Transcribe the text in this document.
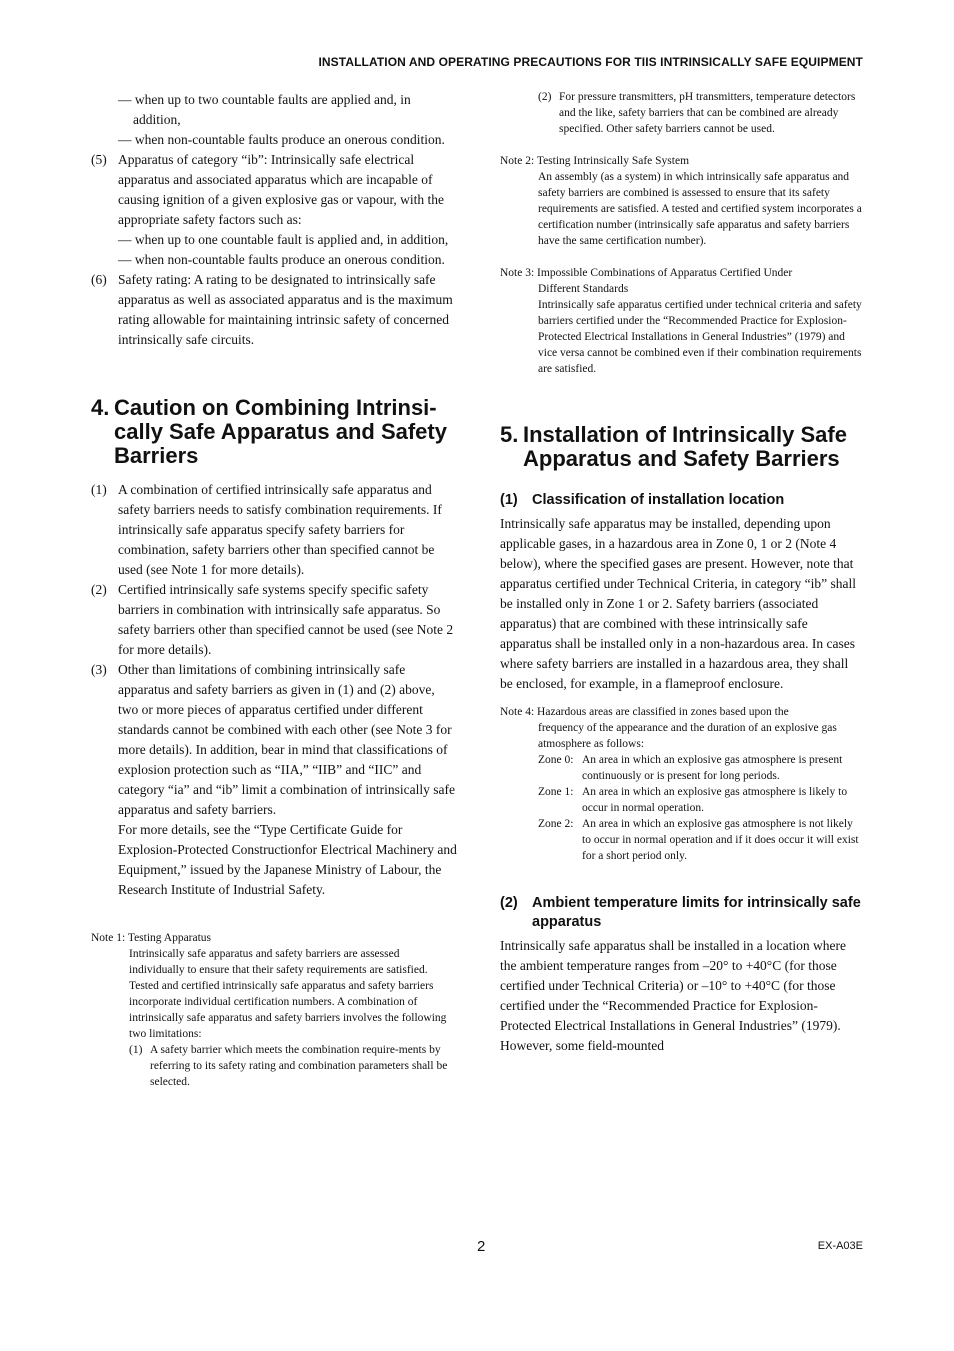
INSTALLATION AND OPERATING PRECAUTIONS FOR TIIS INTRINSICALLY SAFE EQUIPMENT

— when up to two countable faults are applied and, in addition,

— when non-countable faults produce an onerous condition.

(5) Apparatus of category “ib”: Intrinsically safe electrical apparatus and associated apparatus which are incapable of causing ignition of a given explosive gas or vapour, with the appropriate safety factors such as:

— when up to one countable fault is applied and, in addition,

— when non-countable faults produce an onerous condition.

(6) Safety rating: A rating to be designated to intrinsically safe apparatus as well as associated apparatus and is the maximum rating allowable for maintaining intrinsic safety of concerned intrinsically safe circuits.
4. Caution on Combining Intrinsi-cally Safe Apparatus and Safety Barriers
(1) A combination of certified intrinsically safe apparatus and safety barriers needs to satisfy combination requirements. If intrinsically safe apparatus specify safety barriers for combination, safety barriers other than specified cannot be used (see Note 1 for more details).
(2) Certified intrinsically safe systems specify specific safety barriers in combination with intrinsically safe apparatus. So safety barriers other than specified cannot be used (see Note 2 for more details).
(3) Other than limitations of combining intrinsically safe apparatus and safety barriers as given in (1) and (2) above, two or more pieces of apparatus certified under different standards cannot be combined with each other (see Note 3 for more details). In addition, bear in mind that classifications of explosion protection such as “IIA,” “IIB” and “IIC” and category “ia” and “ib” limit a combination of intrinsically safe apparatus and safety barriers.

For more details, see the “Type Certificate Guide for Explosion-Protected Constructionfor Electrical Machinery and Equipment,” issued by the Japanese Ministry of Labour, the Research Institute of Industrial Safety.

Note 1: Testing Apparatus

Intrinsically safe apparatus and safety barriers are assessed individually to ensure that their safety requirements are satisfied. Tested and certified intrinsically safe apparatus and safety barriers incorporate individual certification numbers. A combination of intrinsically safe apparatus and safety barriers involves the following two limitations:

(1) A safety barrier which meets the combination require-ments by referring to its safety rating and combination parameters shall be selected.
(2) For pressure transmitters, pH transmitters, temperature detectors and the like, safety barriers that can be combined are already specified. Other safety barriers cannot be used.

Note 2: Testing Intrinsically Safe System

An assembly (as a system) in which intrinsically safe apparatus and safety barriers are combined is assessed to ensure that its safety requirements are satisfied. A tested and certified system incorporates a certification number (intrinsically safe apparatus and safety barriers have the same certification number).

Note 3: Impossible Combinations of Apparatus Certified Under

Different Standards

Intrinsically safe apparatus certified under technical criteria and safety barriers certified under the “Recommended Practice for Explosion-Protected Electrical Installations in General Industries” (1979) and vice versa cannot be combined even if their combination requirements are satisfied.

5. Installation of Intrinsically Safe Apparatus and Safety Barriers
(1) Classification of installation location

Intrinsically safe apparatus may be installed, depending upon applicable gases, in a hazardous area in Zone 0, 1 or 2 (Note 4 below), where the specified gases are present. However, note that apparatus certified under Technical Criteria, in category “ib” shall be installed only in Zone 1 or 2. Safety barriers (associated apparatus) that are combined with these intrinsically safe apparatus shall be installed only in a non-hazardous area. In cases where safety barriers are installed in a hazardous area, they shall be enclosed, for example, in a flameproof enclosure.

Note 4: Hazardous areas are classified in zones based upon the

frequency of the appearance and the duration of an explosive gas atmosphere as follows:

Zone 0: An area in which an explosive gas atmosphere is present continuously or is present for long periods.
Zone 1: An area in which an explosive gas atmosphere is likely to occur in normal operation.
Zone 2: An area in which an explosive gas atmosphere is not likely to occur in normal operation and if it does occur it will exist for a short period only.
(2) Ambient temperature limits for intrinsically safe apparatus

Intrinsically safe apparatus shall be installed in a location where the ambient temperature ranges from –20° to +40°C (for those certified under Technical Criteria) or –10° to +40°C (for those certified under the “Recommended Practice for Explosion-Protected Electrical Installations in General Industries” (1979). However, some field-mounted

2	EX-A03E
